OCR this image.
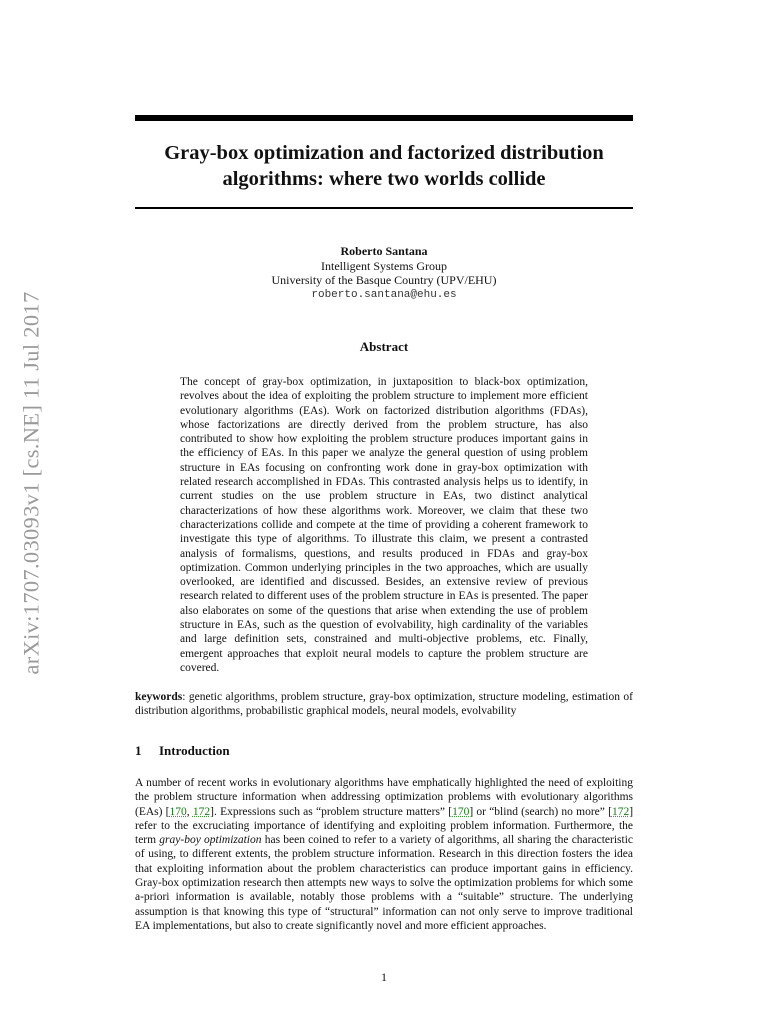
arXiv:1707.03093v1 [cs.NE] 11 Jul 2017
Gray-box optimization and factorized distribution
algorithms: where two worlds collide
Roberto Santana
Intelligent Systems Group
University of the Basque Country (UPV/EHU)
roberto.santana@ehu.es
Abstract

The concept of gray-box optimization, in juxtaposition to black-box optimization, revolves about the idea of exploiting the problem structure to implement more efficient evolutionary algorithms (EAs). Work on factorized distribution algorithms (FDAs), whose factorizations are directly derived from the problem structure, has also contributed to show how exploiting the problem structure produces important gains in the efficiency of EAs. In this paper we analyze the general question of using problem structure in EAs focusing on confronting work done in gray-box optimization with related research accomplished in FDAs. This contrasted analysis helps us to identify, in current studies on the use problem structure in EAs, two distinct analytical characterizations of how these algorithms work. Moreover, we claim that these two characterizations collide and compete at the time of providing a coherent framework to investigate this type of algorithms. To illustrate this claim, we present a contrasted analysis of formalisms, questions, and results produced in FDAs and gray-box optimization. Common underlying principles in the two approaches, which are usually overlooked, are identified and discussed. Besides, an extensive review of previous research related to different uses of the problem structure in EAs is presented. The paper also elaborates on some of the questions that arise when extending the use of problem structure in EAs, such as the question of evolvability, high cardinality of the variables and large definition sets, constrained and multi-objective problems, etc. Finally, emergent approaches that exploit neural models to capture the problem structure are covered.

keywords: genetic algorithms, problem structure, gray-box optimization, structure modeling, estimation of distribution algorithms, probabilistic graphical models, neural models, evolvability

1 Introduction

A number of recent works in evolutionary algorithms have emphatically highlighted the need of exploiting the problem structure information when addressing optimization problems with evolutionary algorithms (EAs) [170, 172]. Expressions such as “problem structure matters” [170] or “blind (search) no more” [172] refer to the excruciating importance of identifying and exploiting problem information. Furthermore, the term gray-boy optimization has been coined to refer to a variety of algorithms, all sharing the characteristic of using, to different extents, the problem structure information. Research in this direction fosters the idea that exploiting information about the problem characteristics can produce important gains in efficiency. Gray-box optimization research then attempts new ways to solve the optimization problems for which some a-priori information is available, notably those problems with a “suitable” structure. The underlying assumption is that knowing this type of “structural” information can not only serve to improve traditional EA implementations, but also to create significantly novel and more efficient approaches.

1
